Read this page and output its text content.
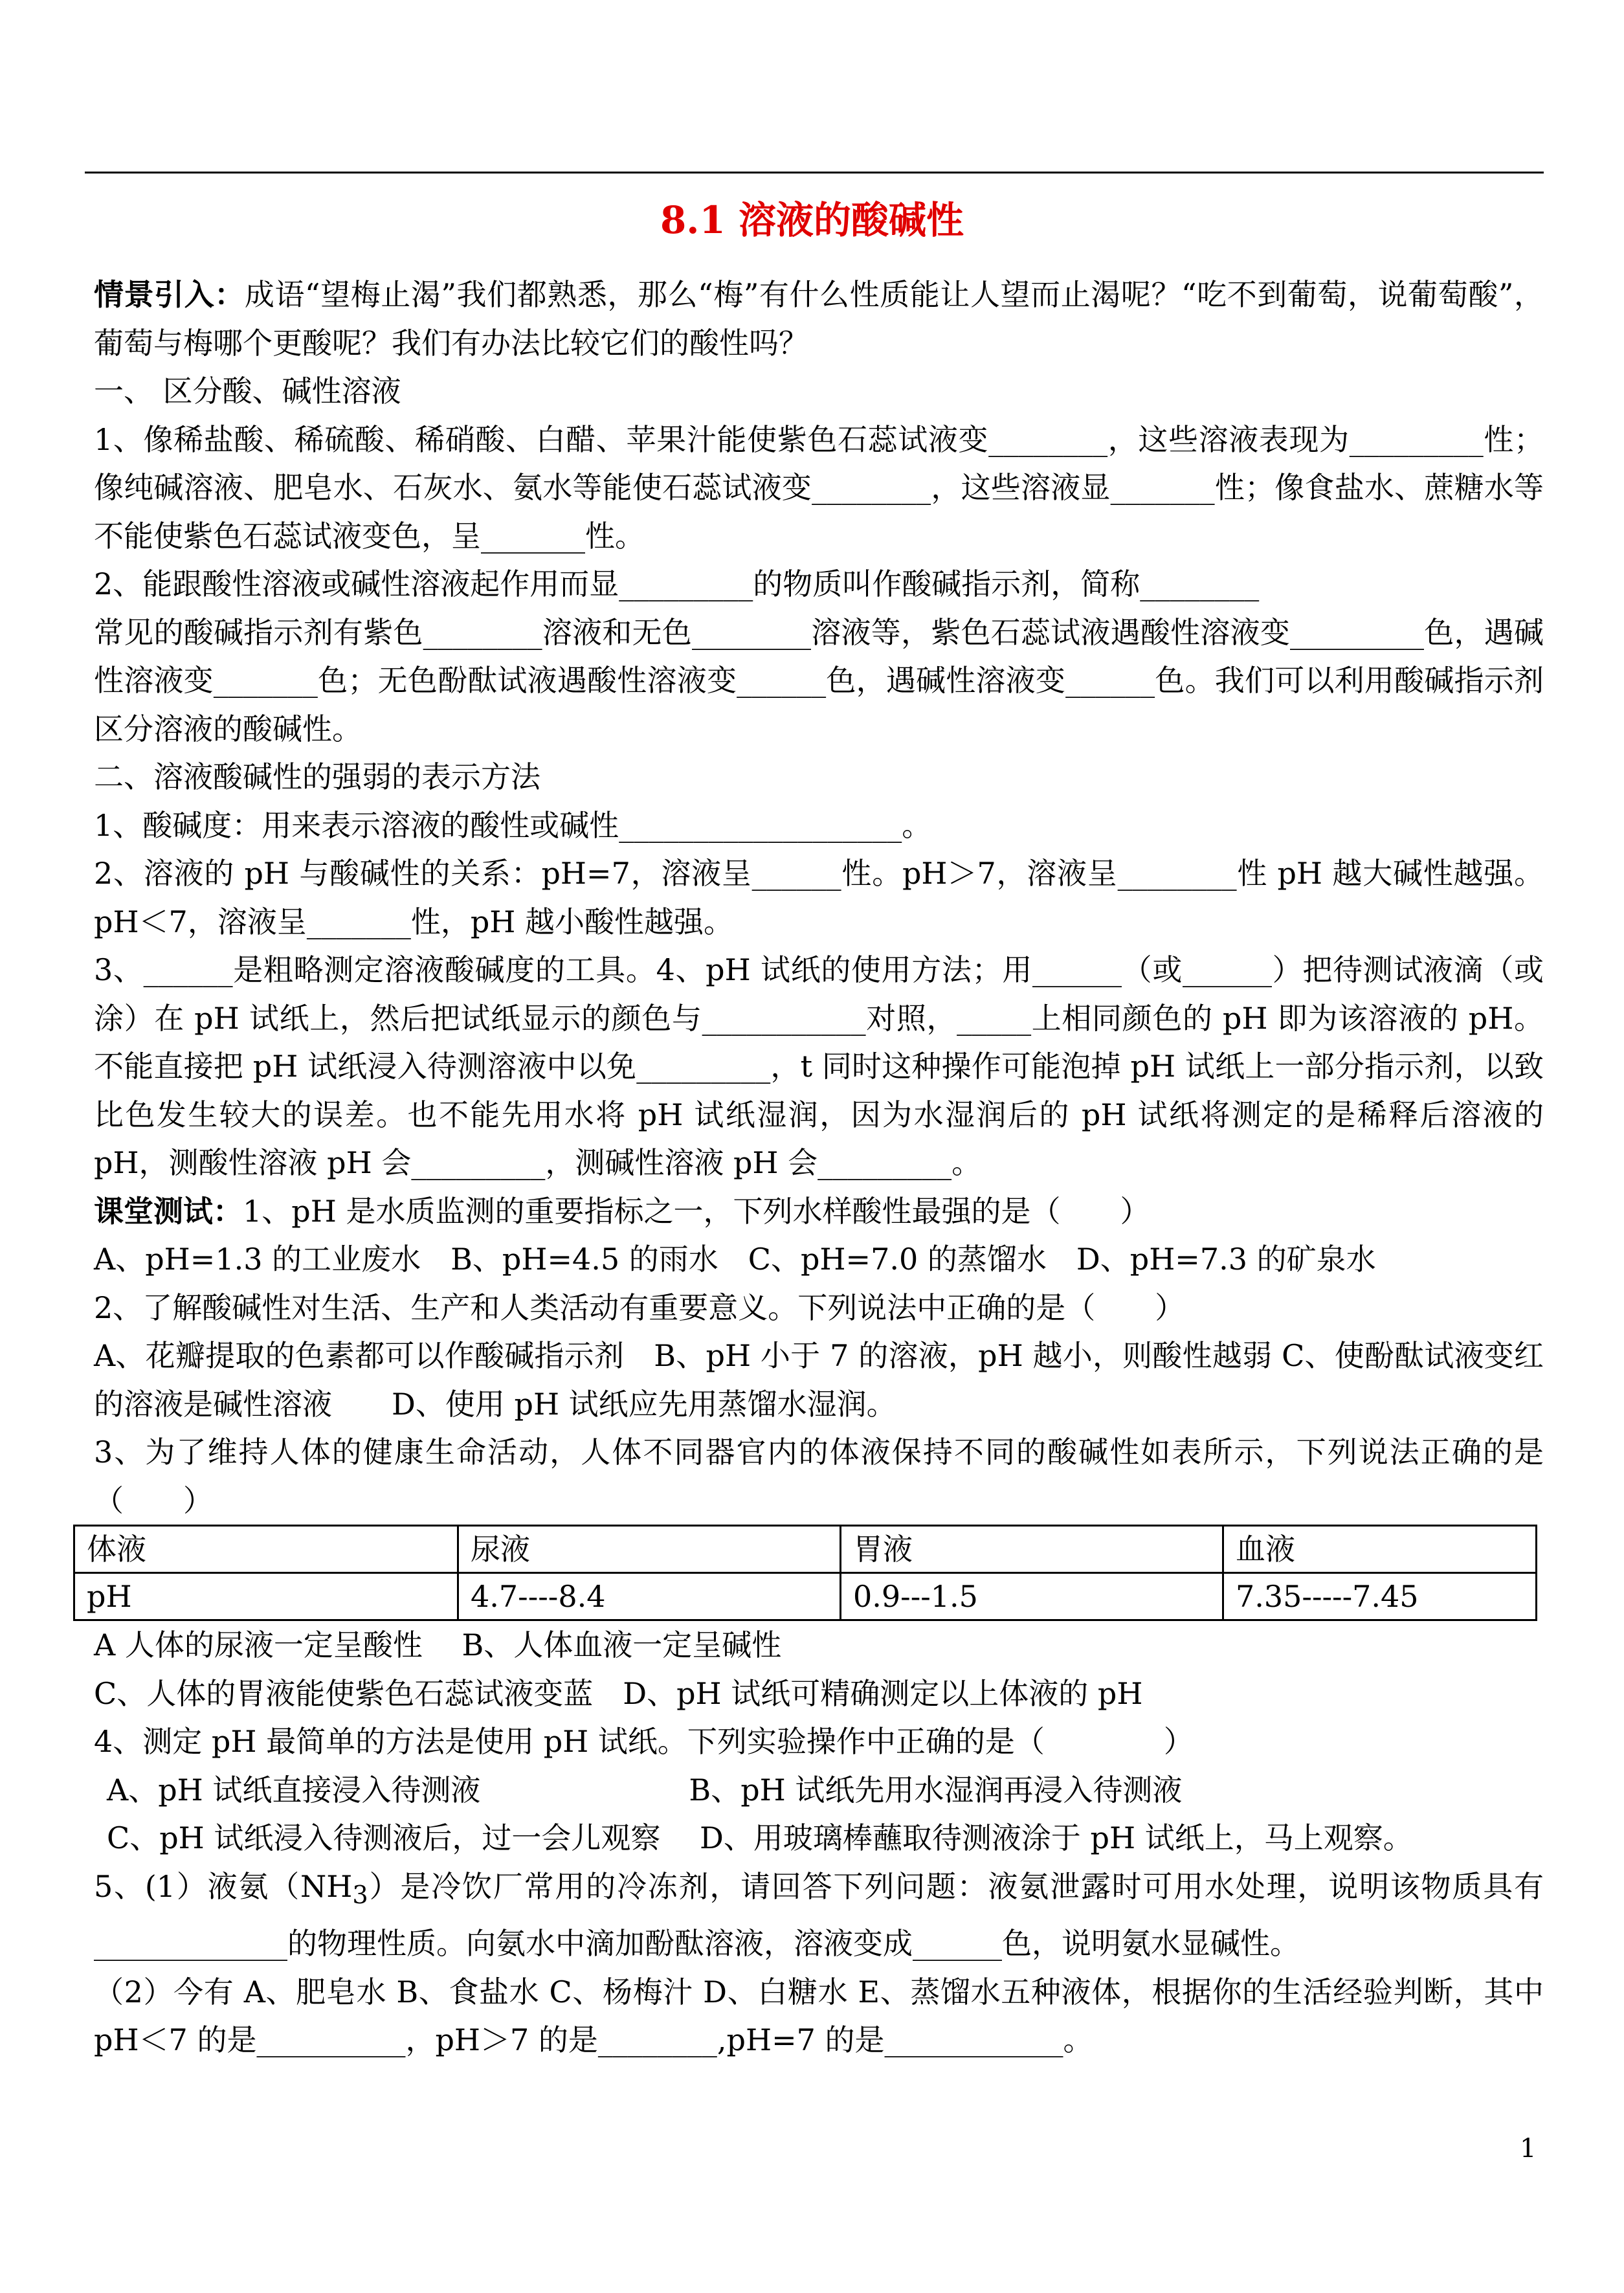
8.1 溶液的酸碱性

情景引入：成语“望梅止渴”我们都熟悉，那么“梅”有什么性质能让人望而止渴呢？“吃不到葡萄，说葡萄酸”，葡萄与梅哪个更酸呢？我们有办法比较它们的酸性吗？

一、 区分酸、碱性溶液

1、像稀盐酸、稀硫酸、稀硝酸、白醋、苹果汁能使紫色石蕊试液变________，这些溶液表现为_________性；像纯碱溶液、肥皂水、石灰水、氨水等能使石蕊试液变________，这些溶液显_______性；像食盐水、蔗糖水等不能使紫色石蕊试液变色，呈_______性。

2、能跟酸性溶液或碱性溶液起作用而显_________的物质叫作酸碱指示剂，简称________

常见的酸碱指示剂有紫色________溶液和无色________溶液等，紫色石蕊试液遇酸性溶液变_________色，遇碱性溶液变_______色；无色酚酞试液遇酸性溶液变______色，遇碱性溶液变______色。我们可以利用酸碱指示剂区分溶液的酸碱性。

二、溶液酸碱性的强弱的表示方法

1、酸碱度：用来表示溶液的酸性或碱性___________________。

2、溶液的 pH 与酸碱性的关系：pH=7，溶液呈______性。pH＞7，溶液呈________性 pH 越大碱性越强。pH＜7，溶液呈_______性，pH 越小酸性越强。

3、______是粗略测定溶液酸碱度的工具。4、pH 试纸的使用方法；用______（或______）把待测试液滴（或涂）在 pH 试纸上，然后把试纸显示的颜色与___________对照，_____上相同颜色的 pH 即为该溶液的 pH。不能直接把 pH 试纸浸入待测溶液中以免_________，t 同时这种操作可能泡掉 pH 试纸上一部分指示剂，以致比色发生较大的误差。也不能先用水将 pH 试纸湿润，因为水湿润后的 pH 试纸将测定的是稀释后溶液的 pH，测酸性溶液 pH 会_________，测碱性溶液 pH 会_________。

课堂测试：1、pH 是水质监测的重要指标之一，下列水样酸性最强的是（　　）

A、pH=1.3 的工业废水　B、pH=4.5 的雨水　C、pH=7.0 的蒸馏水　D、pH=7.3 的矿泉水

2、了解酸碱性对生活、生产和人类活动有重要意义。下列说法中正确的是（　　）

A、花瓣提取的色素都可以作酸碱指示剂　B、pH 小于 7 的溶液，pH 越小，则酸性越弱 C、使酚酞试液变红的溶液是碱性溶液　　D、使用 pH 试纸应先用蒸馏水湿润。

3、为了维持人体的健康生命活动，人体不同器官内的体液保持不同的酸碱性如表所示，下列说法正确的是（　　）

体液	尿液	胃液	血液
pH	4.7----8.4	0.9---1.5	7.35-----7.45

A 人体的尿液一定呈酸性　 B、人体血液一定呈碱性

C、人体的胃液能使紫色石蕊试液变蓝　D、pH 试纸可精确测定以上体液的 pH

4、测定 pH 最简单的方法是使用 pH 试纸。下列实验操作中正确的是（　　　　）

A、pH 试纸直接浸入待测液　　　　　　　B、pH 试纸先用水湿润再浸入待测液

C、pH 试纸浸入待测液后，过一会儿观察　 D、用玻璃棒蘸取待测液涂于 pH 试纸上，马上观察。

5、(1）液氨$(NH_3)$是冷饮厂常用的冷冻剂，请回答下列问题：液氨泄露时可用水处理，说明该物质具有_____________的物理性质。向氨水中滴加酚酞溶液，溶液变成______色，说明氨水显碱性。

（2）今有 A、肥皂水 B、食盐水 C、杨梅汁 D、白糖水 E、蒸馏水五种液体，根据你的生活经验判断，其中 pH＜7 的是__________，pH＞7 的是________,pH=7 的是____________。

1
